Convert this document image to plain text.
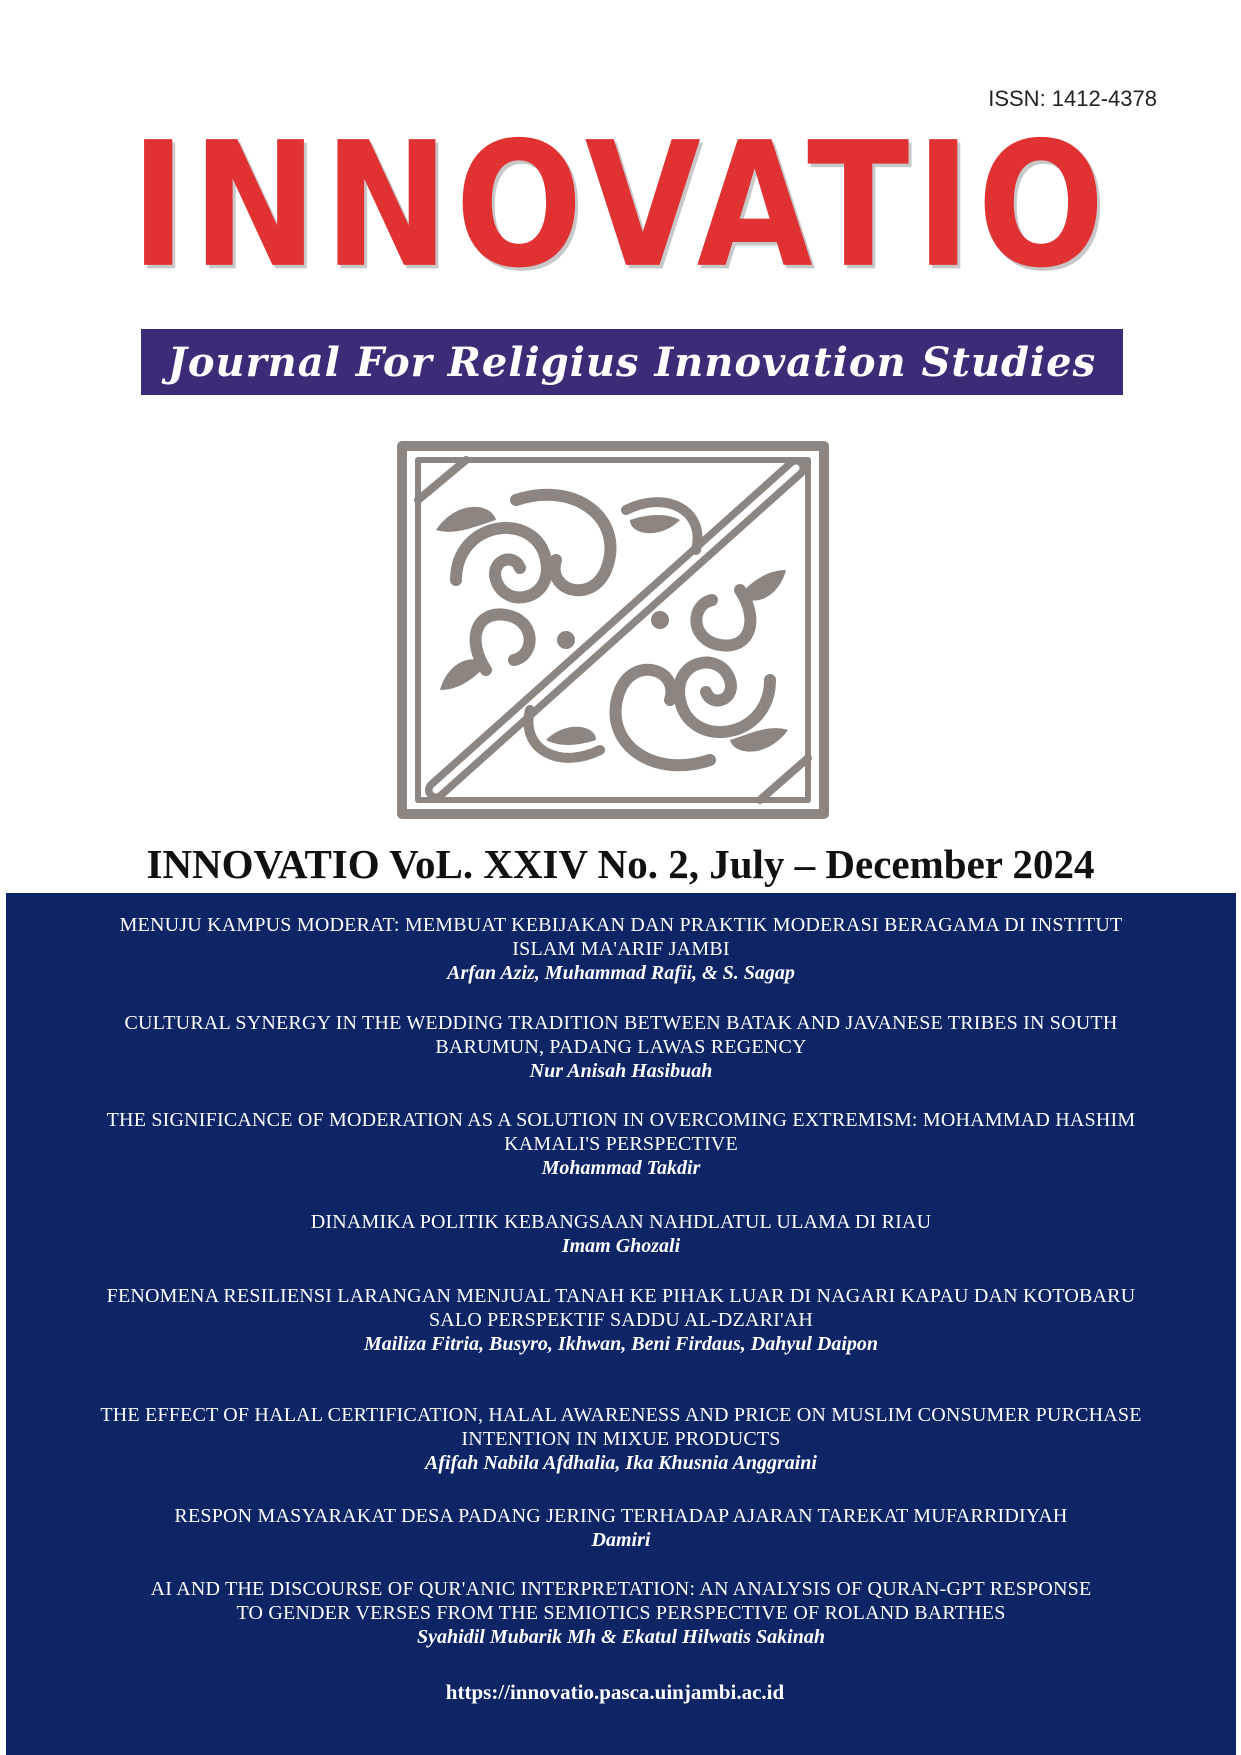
ISSN: 1412-4378
INNOVATIO
Journal For Religius Innovation Studies
INNOVATIO VoL. XXIV No. 2, July – December 2024
MENUJU KAMPUS MODERAT: MEMBUAT KEBIJAKAN DAN PRAKTIK MODERASI BERAGAMA DI INSTITUT
ISLAM MA'ARIF JAMBI
Arfan Aziz, Muhammad Rafii, & S. Sagap
CULTURAL SYNERGY IN THE WEDDING TRADITION BETWEEN BATAK AND JAVANESE TRIBES IN SOUTH
BARUMUN, PADANG LAWAS REGENCY
Nur Anisah Hasibuah
THE SIGNIFICANCE OF MODERATION AS A SOLUTION IN OVERCOMING EXTREMISM: MOHAMMAD HASHIM
KAMALI'S PERSPECTIVE
Mohammad Takdir
DINAMIKA POLITIK KEBANGSAAN NAHDLATUL ULAMA DI RIAU
Imam Ghozali
FENOMENA RESILIENSI LARANGAN MENJUAL TANAH KE PIHAK LUAR DI NAGARI KAPAU DAN KOTOBARU
SALO PERSPEKTIF SADDU AL-DZARI'AH
Mailiza Fitria, Busyro, Ikhwan, Beni Firdaus, Dahyul Daipon
THE EFFECT OF HALAL CERTIFICATION, HALAL AWARENESS AND PRICE ON MUSLIM CONSUMER PURCHASE
INTENTION IN MIXUE PRODUCTS
Afifah Nabila Afdhalia, Ika Khusnia Anggraini
RESPON MASYARAKAT DESA PADANG JERING TERHADAP AJARAN TAREKAT MUFARRIDIYAH
Damiri
AI AND THE DISCOURSE OF QUR'ANIC INTERPRETATION: AN ANALYSIS OF QURAN-GPT RESPONSE
TO GENDER VERSES FROM THE SEMIOTICS PERSPECTIVE OF ROLAND BARTHES
Syahidil Mubarik Mh & Ekatul Hilwatis Sakinah
https://innovatio.pasca.uinjambi.ac.id
